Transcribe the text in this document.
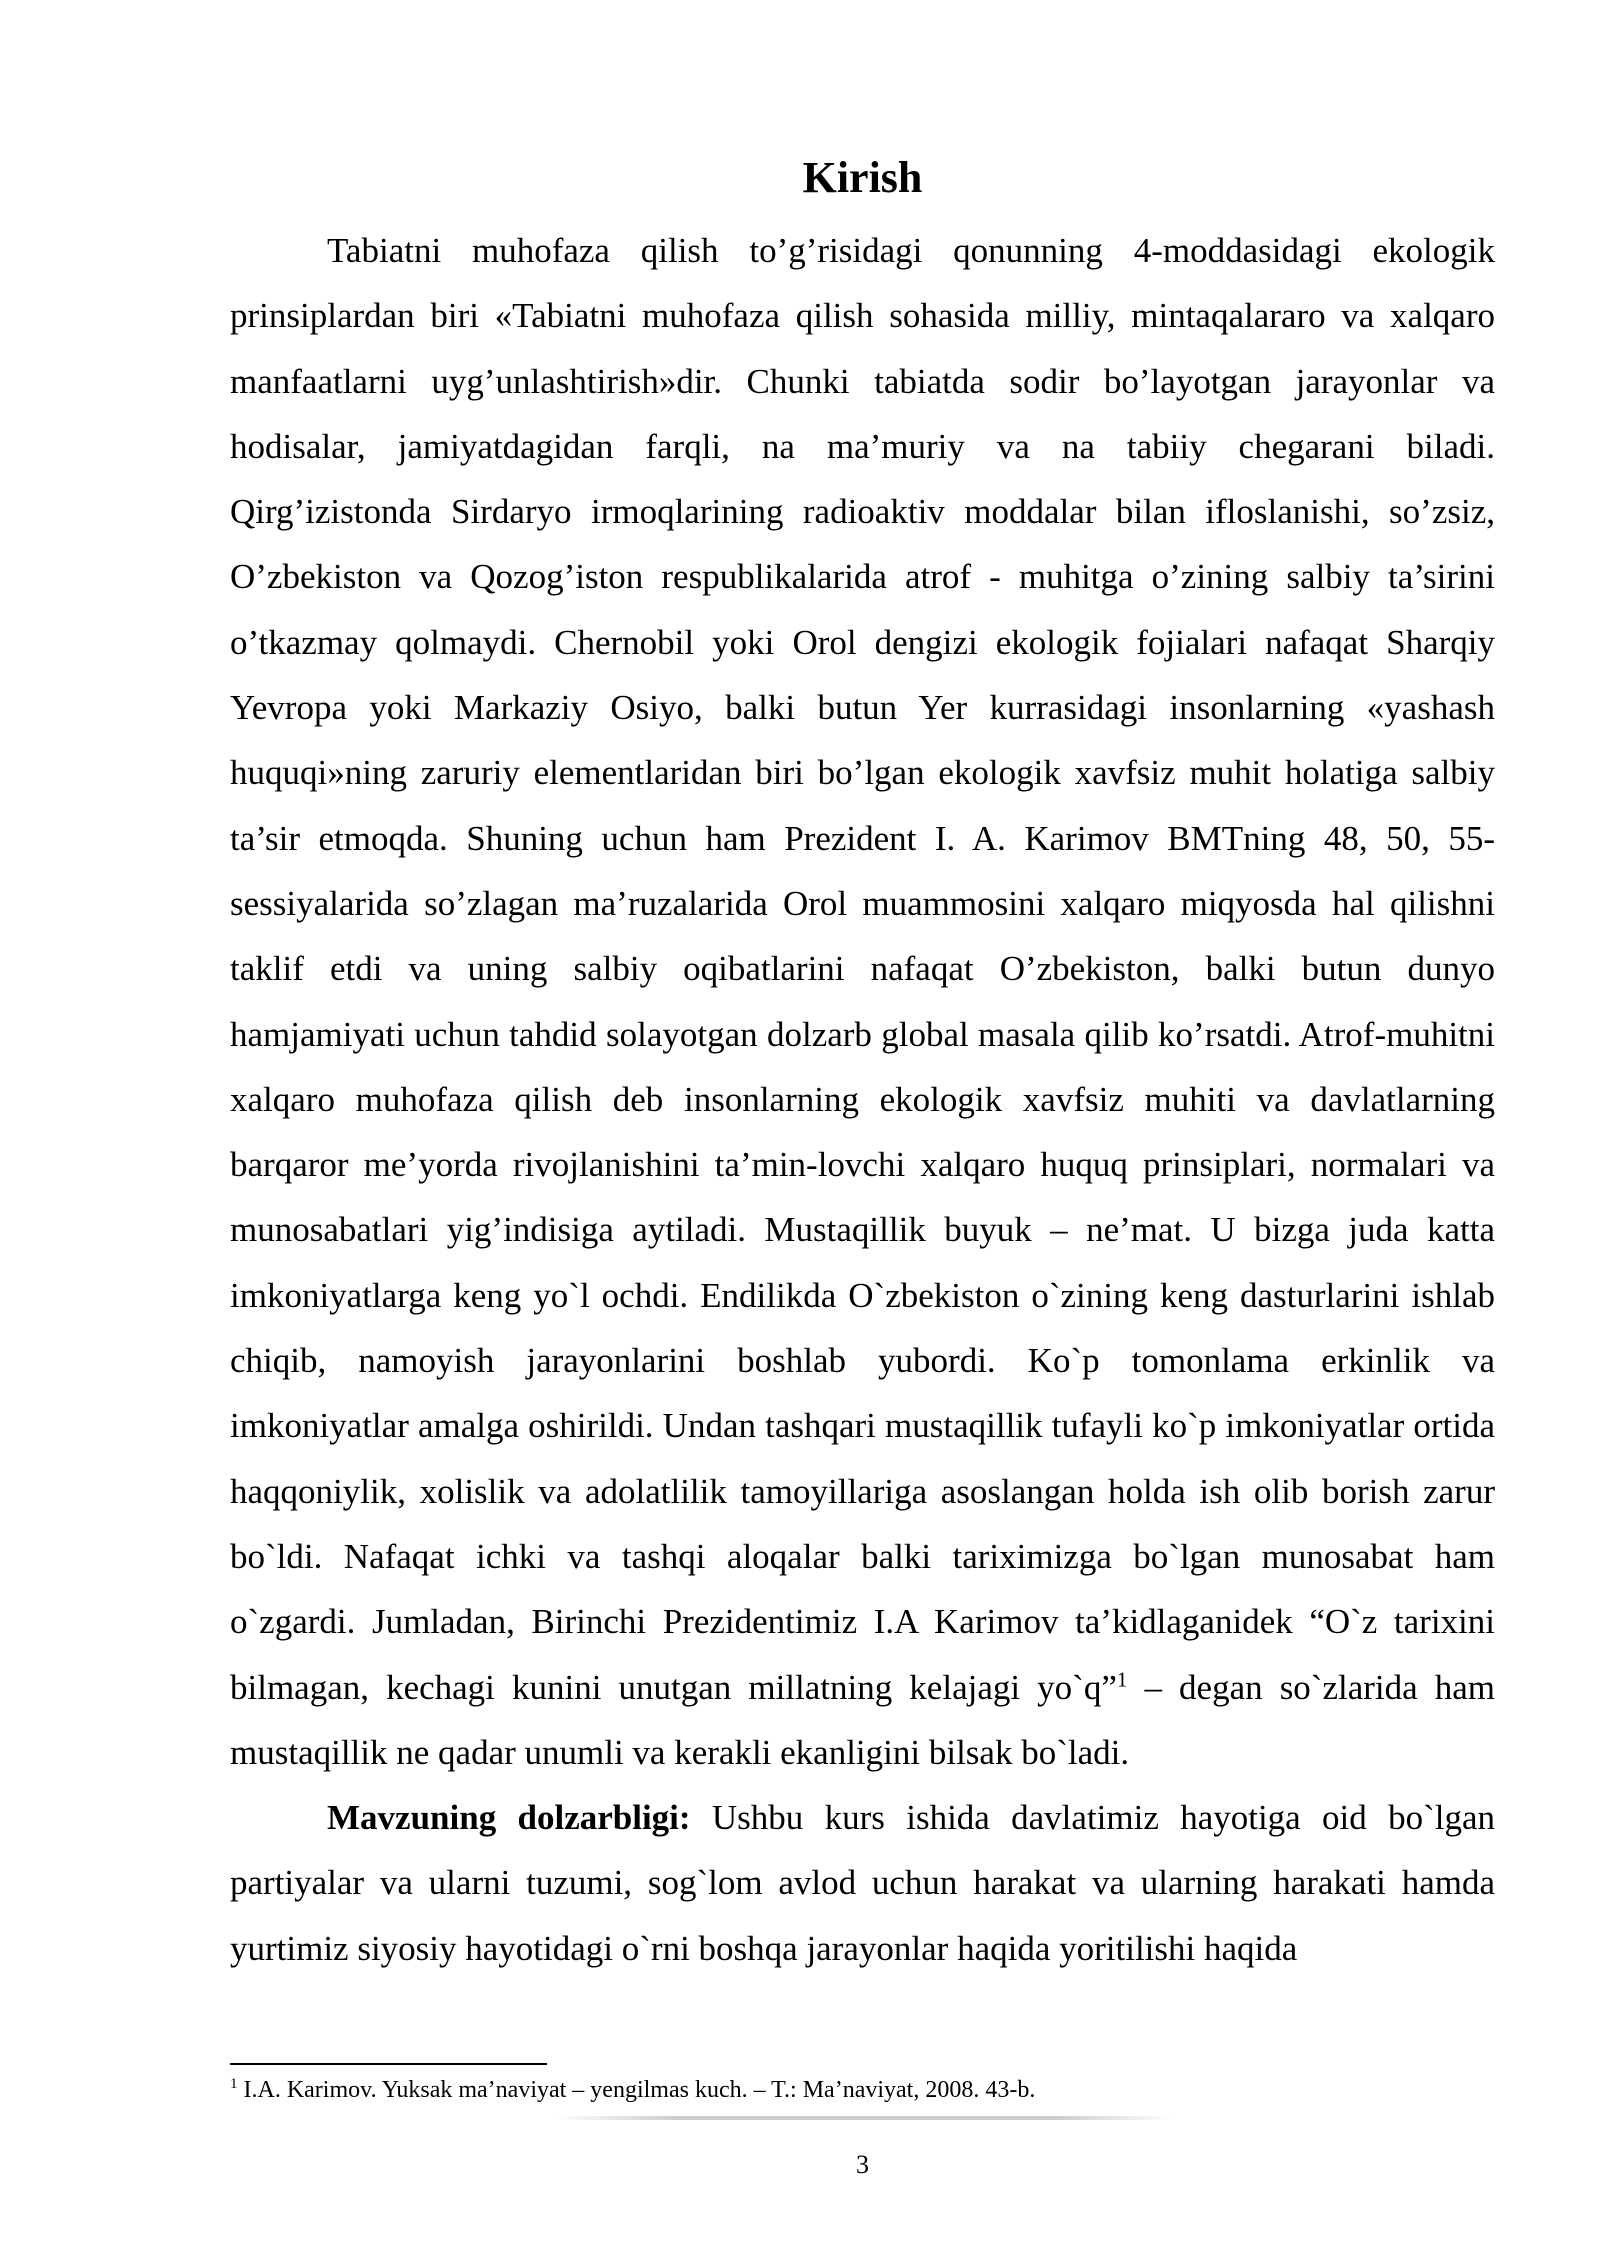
Kirish

Tabiatni muhofaza qilish to’g’risidagi qonunning 4-moddasidagi ekologik prinsiplardan biri «Tabiatni muhofaza qilish sohasida milliy, mintaqalararo va xalqaro manfaatlarni uyg’unlashtirish»dir. Chunki tabiatda sodir bo’layotgan jarayonlar va hodisalar, jamiyatdagidan farqli, na ma’muriy va na tabiiy chegarani biladi. Qirg’izistonda Sirdaryo irmoqlarining radioaktiv moddalar bilan ifloslanishi, so’zsiz, O’zbekiston va Qozog’iston respublikalarida atrof - muhitga o’zining salbiy ta’sirini o’tkazmay qolmaydi. Chernobil yoki Orol dengizi ekologik fojialari nafaqat Sharqiy Yevropa yoki Markaziy Osiyo, balki butun Yer kurrasidagi insonlarning «yashash huquqi»ning zaruriy elementlaridan biri bo’lgan ekologik xavfsiz muhit holatiga salbiy ta’sir etmoqda. Shuning uchun ham Prezident I. A. Karimov BMTning 48, 50, 55-sessiyalarida so’zlagan ma’ruzalarida Orol muammosini xalqaro miqyosda hal qilishni taklif etdi va uning salbiy oqibatlarini nafaqat O’zbekiston, balki butun dunyo hamjamiyati uchun tahdid solayotgan dolzarb global masala qilib ko’rsatdi. Atrof-muhitni xalqaro muhofaza qilish deb insonlarning ekologik xavfsiz muhiti va davlatlarning barqaror me’yorda rivojlanishini ta’min-lovchi xalqaro huquq prinsiplari, normalari va munosabatlari yig’indisiga aytiladi. Mustaqillik buyuk – ne’mat. U bizga juda katta imkoniyatlarga keng yo`l ochdi. Endilikda O`zbekiston o`zining keng dasturlarini ishlab chiqib, namoyish jarayonlarini boshlab yubordi. Ko`p tomonlama erkinlik va imkoniyatlar amalga oshirildi. Undan tashqari mustaqillik tufayli ko`p imkoniyatlar ortida haqqoniylik, xolislik va adolatlilik tamoyillariga asoslangan holda ish olib borish zarur bo`ldi. Nafaqat ichki va tashqi aloqalar balki tariximizga bo`lgan munosabat ham o`zgardi. Jumladan, Birinchi Prezidentimiz I.A Karimov ta’kidlaganidek “O`z tarixini bilmagan, kechagi kunini unutgan millatning kelajagi yo`q”$^1$ – degan so`zlarida ham mustaqillik ne qadar unumli va kerakli ekanligini bilsak bo`ladi.

Mavzuning dolzarbligi: Ushbu kurs ishida davlatimiz hayotiga oid bo`lgan partiyalar va ularni tuzumi, sog`lom avlod uchun harakat va ularning harakati hamda yurtimiz siyosiy hayotidagi o`rni boshqa jarayonlar haqida yoritilishi haqida

$^1$ I.A. Karimov. Yuksak ma’naviyat – yengilmas kuch. – T.: Ma’naviyat, 2008. 43-b.
3
